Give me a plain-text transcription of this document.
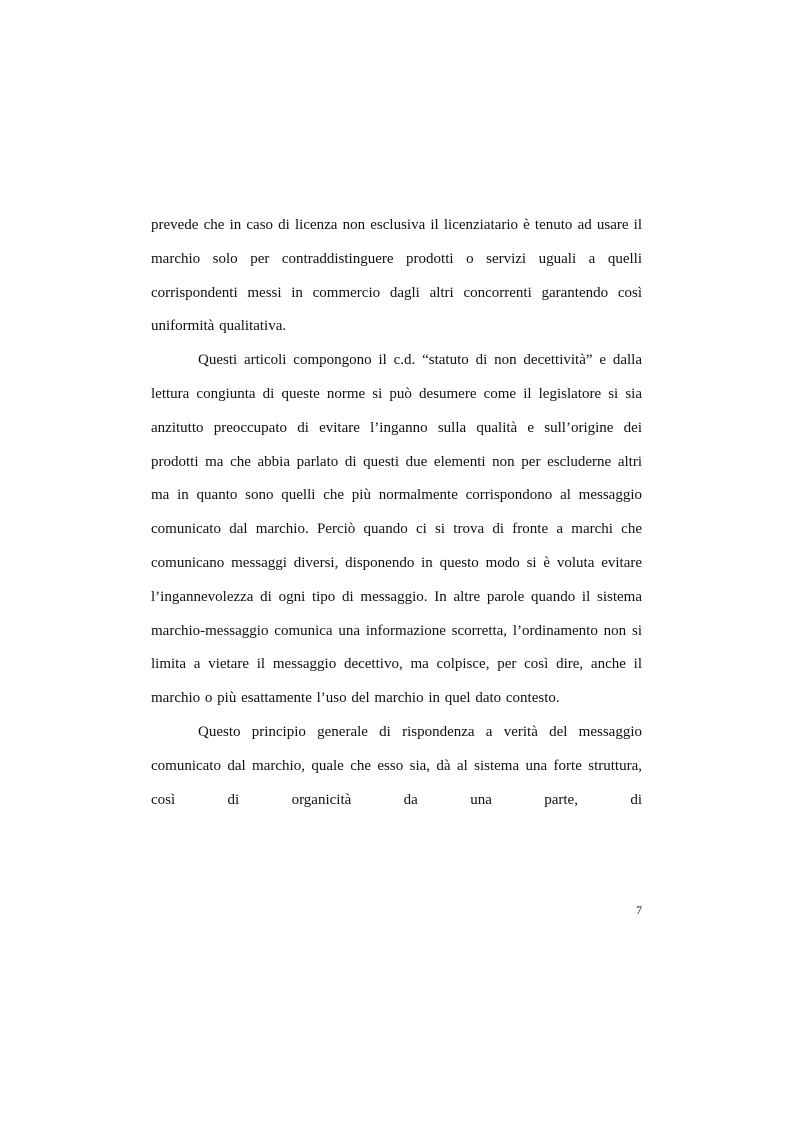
prevede che in caso di licenza non esclusiva il licenziatario è tenuto ad usare il marchio solo per contraddistinguere prodotti o servizi uguali a quelli corrispondenti messi in commercio dagli altri concorrenti garantendo così uniformità qualitativa.

Questi articoli compongono il c.d. “statuto di non decettività” e dalla lettura congiunta di queste norme si può desumere come il legislatore si sia anzitutto preoccupato di evitare l’inganno sulla qualità e sull’origine dei prodotti ma che abbia parlato di questi due elementi non per escluderne altri ma in quanto sono quelli che più normalmente corrispondono al messaggio comunicato dal marchio. Perciò quando ci si trova di fronte a marchi che comunicano messaggi diversi, disponendo in questo modo si è voluta evitare l’ingannevolezza di ogni tipo di messaggio. In altre parole quando il sistema marchio-messaggio comunica una informazione scorretta, l’ordinamento non si limita a vietare il messaggio decettivo, ma colpisce, per così dire, anche il marchio o più esattamente l’uso del marchio in quel dato contesto.

Questo principio generale di rispondenza a verità del messaggio comunicato dal marchio, quale che esso sia, dà al sistema una forte struttura, così di organicità da una parte, di

7
